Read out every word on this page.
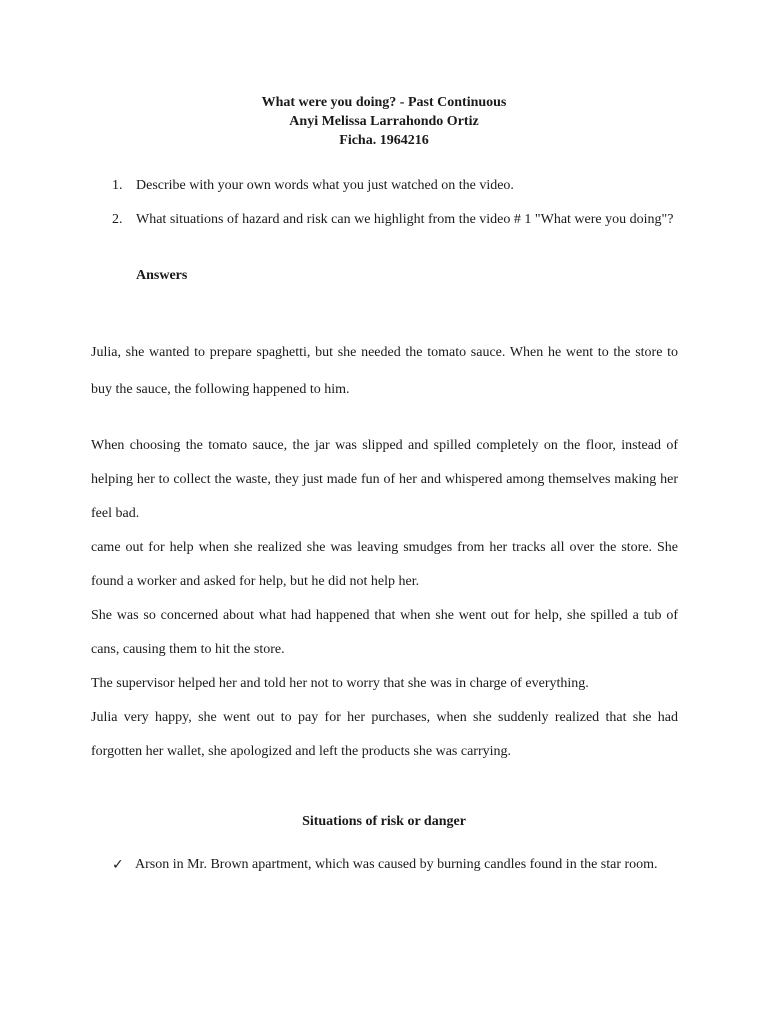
What were you doing? - Past Continuous
Anyi Melissa Larrahondo Ortiz
Ficha. 1964216
1. Describe with your own words what you just watched on the video.
2. What situations of hazard and risk can we highlight from the video # 1 "What were you doing"?
Answers
Julia, she wanted to prepare spaghetti, but she needed the tomato sauce. When he went to the store to buy the sauce, the following happened to him.

When choosing the tomato sauce, the jar was slipped and spilled completely on the floor, instead of helping her to collect the waste, they just made fun of her and whispered among themselves making her feel bad.

came out for help when she realized she was leaving smudges from her tracks all over the store. She found a worker and asked for help, but he did not help her.

She was so concerned about what had happened that when she went out for help, she spilled a tub of cans, causing them to hit the store.

The supervisor helped her and told her not to worry that she was in charge of everything.

Julia very happy, she went out to pay for her purchases, when she suddenly realized that she had forgotten her wallet, she apologized and left the products she was carrying.

Situations of risk or danger
✓ Arson in Mr. Brown apartment, which was caused by burning candles found in the star room.
